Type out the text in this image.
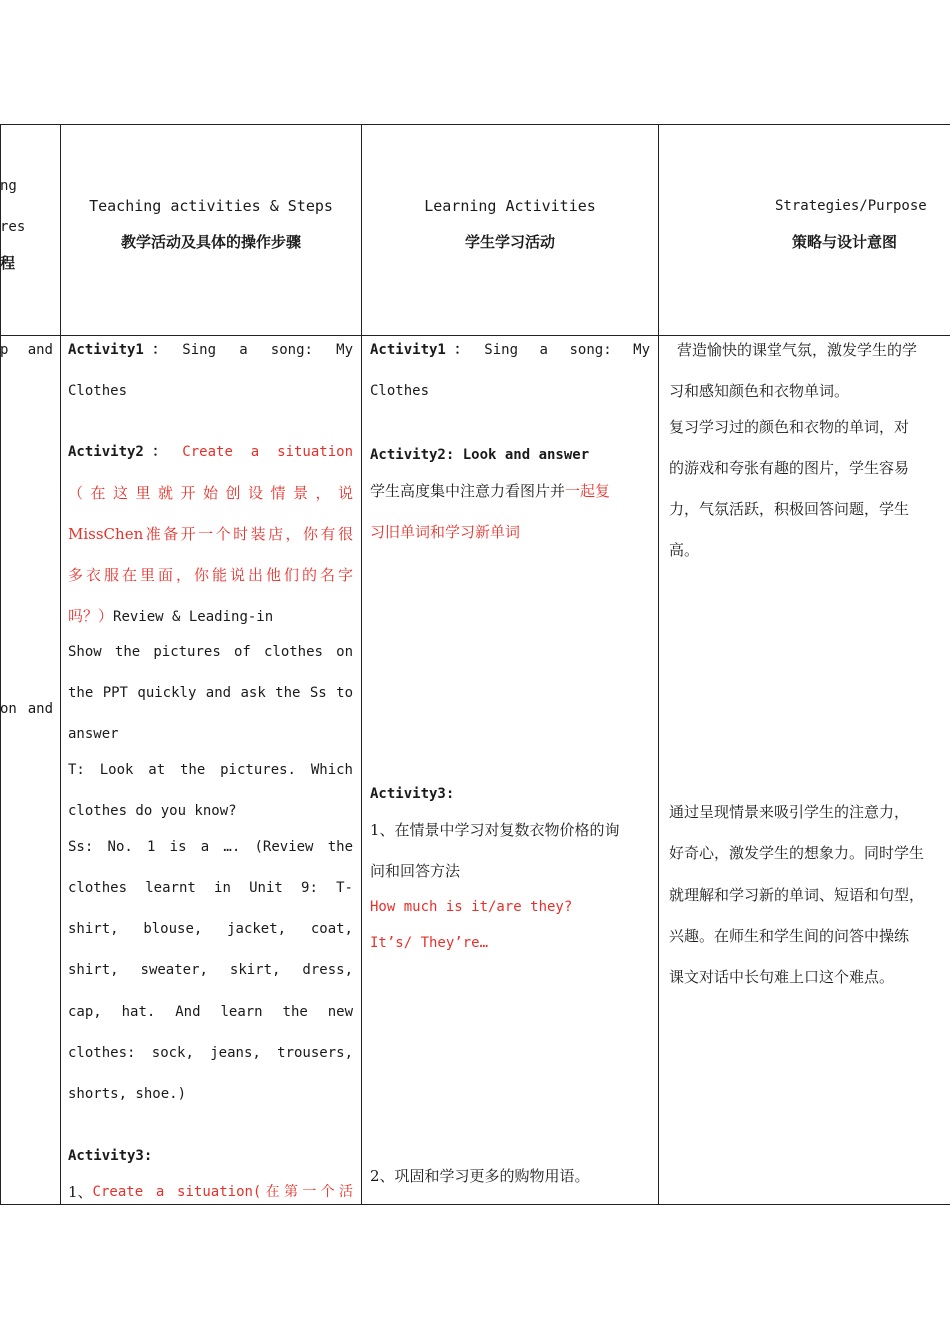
ng
res
程
Teaching activities & Steps
教学活动及具体的操作步骤
Learning Activities
学生学习活动
Strategies/Purpose
策略与设计意图
p and
on and
Activity1 ： Sing a song: My
Clothes
Activity2 ： Create a situation
（在这里就开始创设情景，说
MissChen准备开一个时装店，你有很
多衣服在里面，你能说出他们的名字
吗？）Review & Leading-in
Show the pictures of clothes on
the PPT quickly and ask the Ss to
answer
T: Look at the pictures. Which
clothes do you know?
Ss: No. 1 is a …. (Review the
clothes learnt in Unit 9: T-
shirt, blouse, jacket, coat,
shirt, sweater, skirt, dress,
cap, hat. And learn the new
clothes: sock, jeans, trousers,
shorts, shoe.)
Activity3:
1、 Create a situation(在第一个活
Activity1 ： Sing a song: My
Clothes
Activity2: Look and answer
学生高度集中注意力看图片并一起复
习旧单词和学习新单词
Activity3:
1、在情景中学习对复数衣物价格的询
问和回答方法
How much is it/are they?
It’s/ They’re…
2、巩固和学习更多的购物用语。
营造愉快的课堂气氛，激发学生的学
习和感知颜色和衣物单词。
复习学习过的颜色和衣物的单词，对
的游戏和夸张有趣的图片，学生容易
力，气氛活跃，积极回答问题，学生
高。
通过呈现情景来吸引学生的注意力，
好奇心，激发学生的想象力。同时学生
就理解和学习新的单词、短语和句型，
兴趣。在师生和学生间的问答中操练
课文对话中长句难上口这个难点。
